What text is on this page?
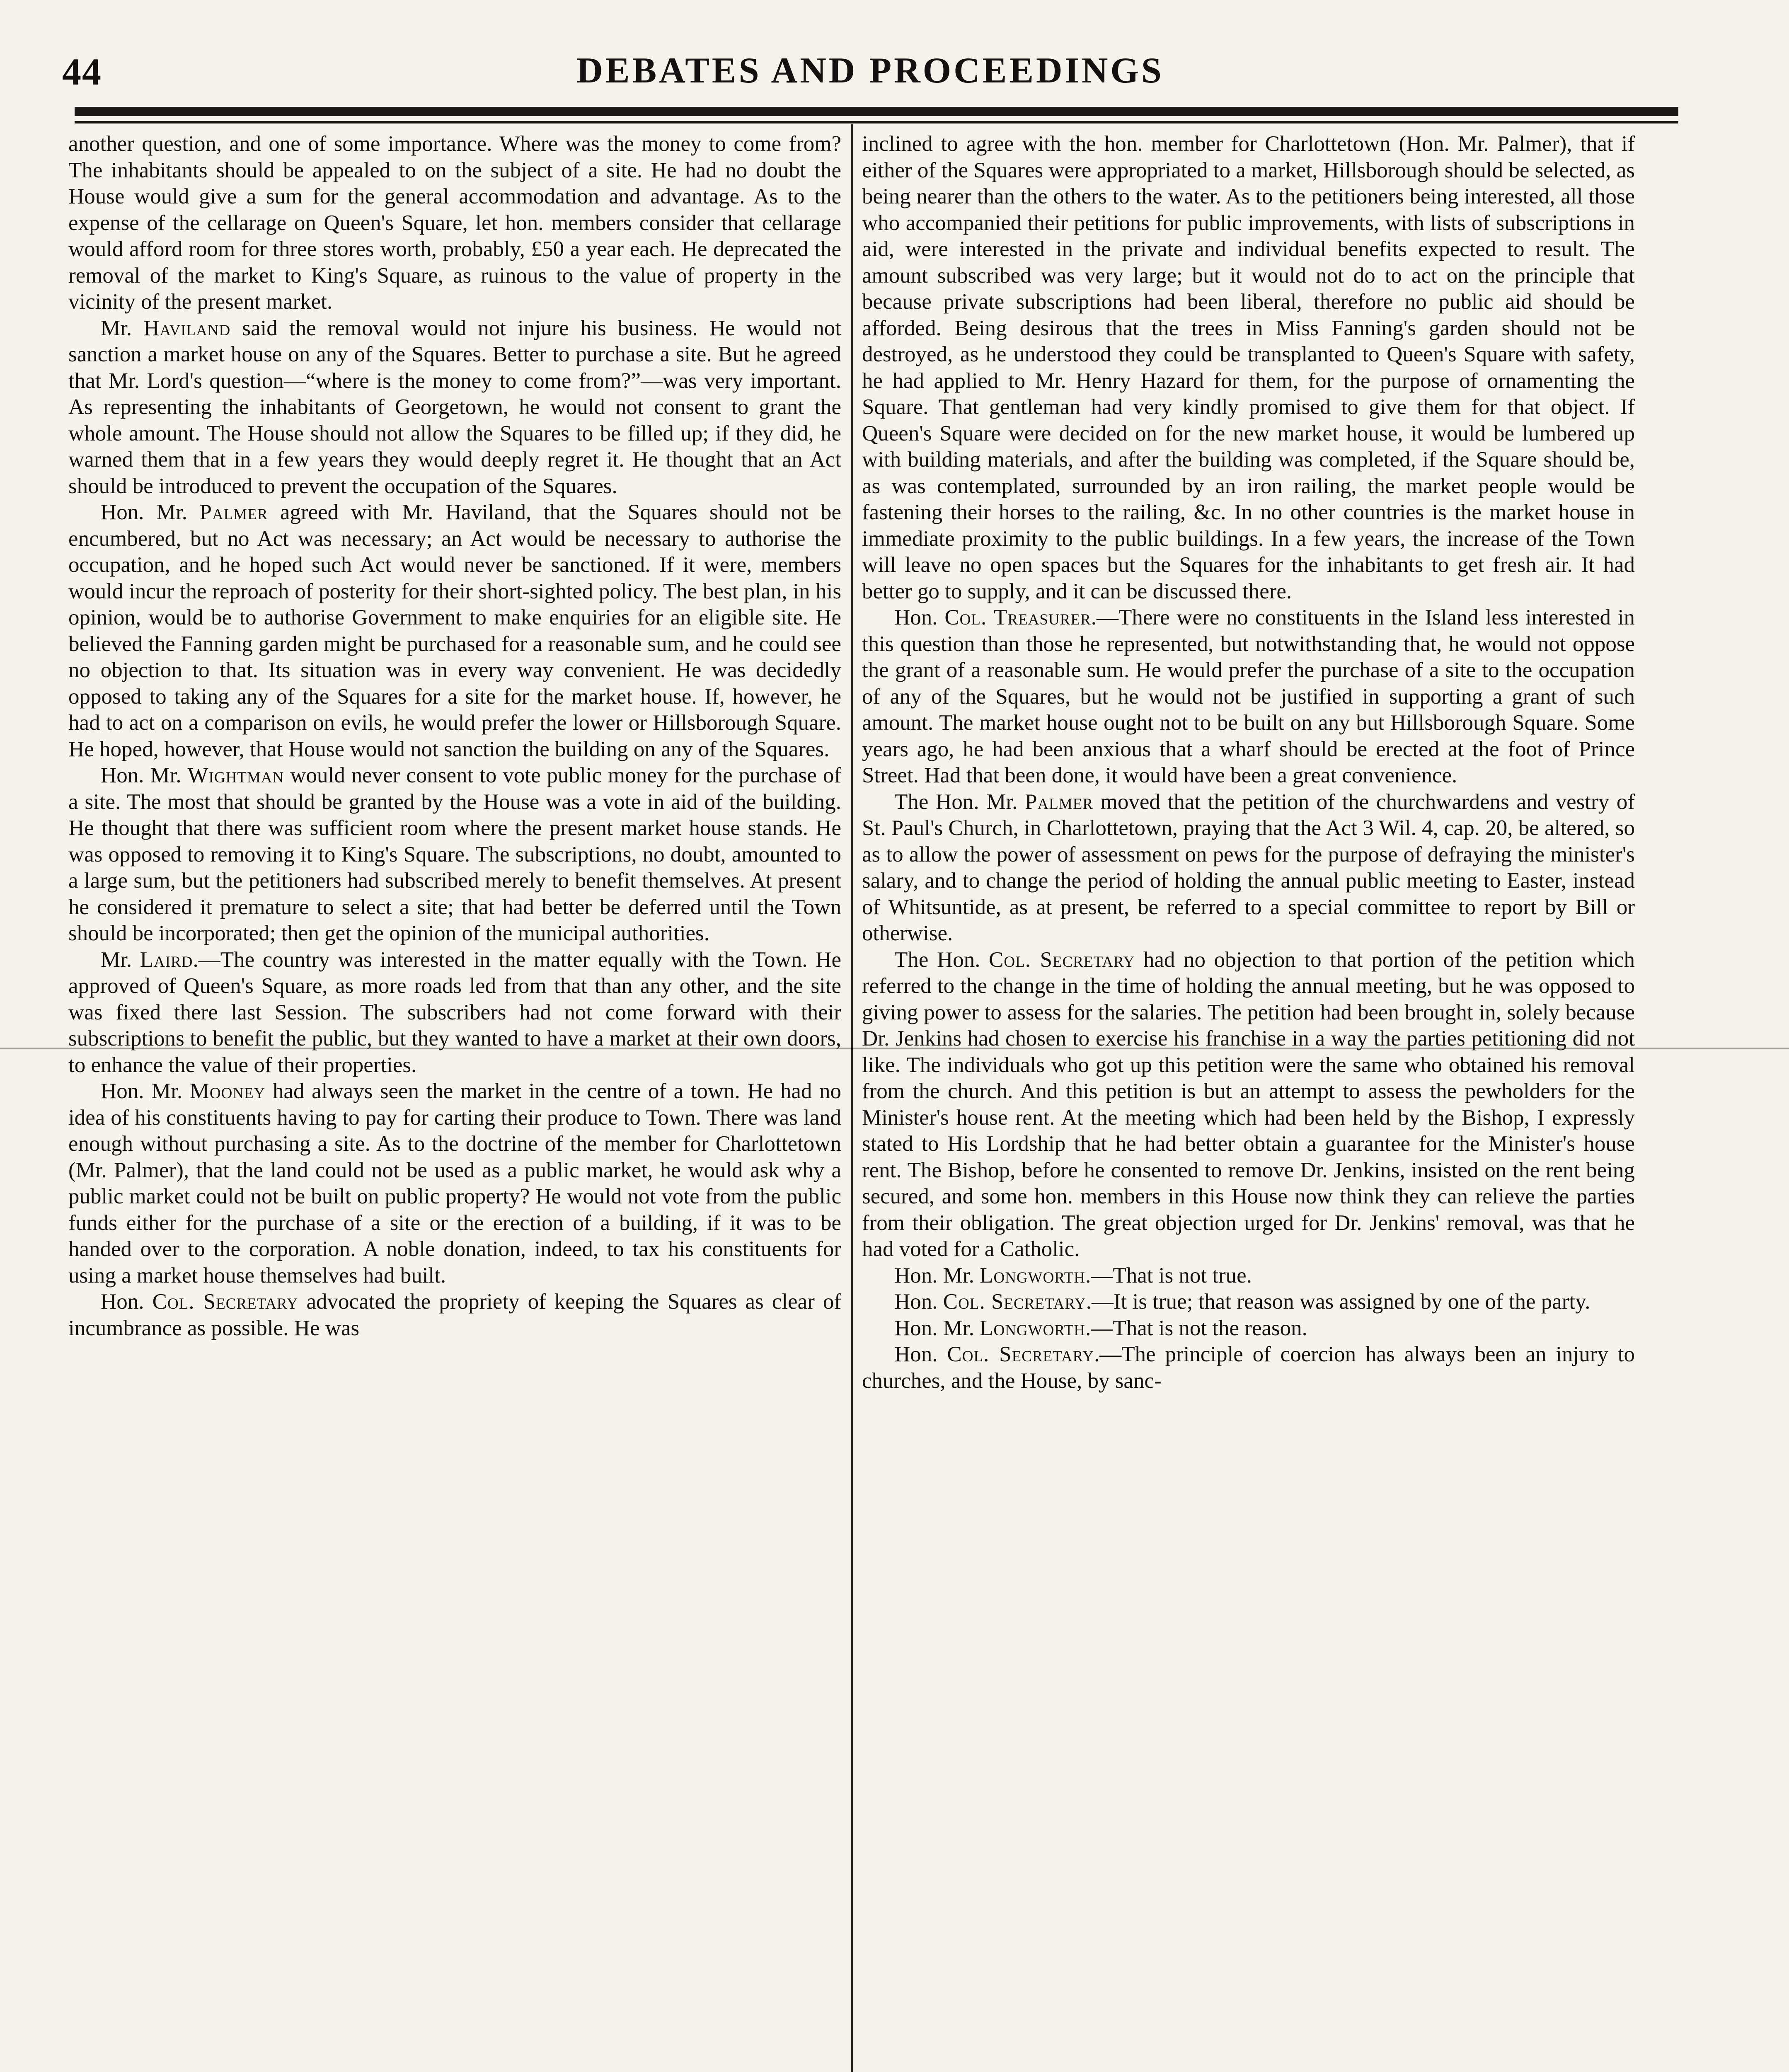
44	DEBATES AND PROCEEDINGS

another question, and one of some importance. Where was the money to come from? The inhabitants should be appealed to on the subject of a site. He had no doubt the House would give a sum for the general accommodation and advantage. As to the expense of the cellarage on Queen's Square, let hon. members consider that cellarage would afford room for three stores worth, probably, £50 a year each. He deprecated the removal of the market to King's Square, as ruinous to the value of property in the vicinity of the present market.

Mr. Haviland said the removal would not injure his business. He would not sanction a market house on any of the Squares. Better to purchase a site. But he agreed that Mr. Lord's question—“where is the money to come from?”—was very important. As representing the inhabitants of Georgetown, he would not consent to grant the whole amount. The House should not allow the Squares to be filled up; if they did, he warned them that in a few years they would deeply regret it. He thought that an Act should be introduced to prevent the occupation of the Squares.

Hon. Mr. Palmer agreed with Mr. Haviland, that the Squares should not be encumbered, but no Act was necessary; an Act would be necessary to authorise the occupation, and he hoped such Act would never be sanctioned. If it were, members would incur the reproach of posterity for their short-sighted policy. The best plan, in his opinion, would be to authorise Government to make enquiries for an eligible site. He believed the Fanning garden might be purchased for a reasonable sum, and he could see no objection to that. Its situation was in every way convenient. He was decidedly opposed to taking any of the Squares for a site for the market house. If, however, he had to act on a comparison on evils, he would prefer the lower or Hillsborough Square. He hoped, however, that House would not sanction the building on any of the Squares.

Hon. Mr. Wightman would never consent to vote public money for the purchase of a site. The most that should be granted by the House was a vote in aid of the building. He thought that there was sufficient room where the present market house stands. He was opposed to removing it to King's Square. The subscriptions, no doubt, amounted to a large sum, but the petitioners had subscribed merely to benefit themselves. At present he considered it premature to select a site; that had better be deferred until the Town should be incorporated; then get the opinion of the municipal authorities.

Mr. Laird.—The country was interested in the matter equally with the Town. He approved of Queen's Square, as more roads led from that than any other, and the site was fixed there last Session. The subscribers had not come forward with their subscriptions to benefit the public, but they wanted to have a market at their own doors, to enhance the value of their properties.

Hon. Mr. Mooney had always seen the market in the centre of a town. He had no idea of his constituents having to pay for carting their produce to Town. There was land enough without purchasing a site. As to the doctrine of the member for Charlottetown (Mr. Palmer), that the land could not be used as a public market, he would ask why a public market could not be built on public property? He would not vote from the public funds either for the purchase of a site or the erection of a building, if it was to be handed over to the corporation. A noble donation, indeed, to tax his constituents for using a market house themselves had built.

Hon. Col. Secretary advocated the propriety of keeping the Squares as clear of incumbrance as possible. He was

inclined to agree with the hon. member for Charlottetown (Hon. Mr. Palmer), that if either of the Squares were appropriated to a market, Hillsborough should be selected, as being nearer than the others to the water. As to the petitioners being interested, all those who accompanied their petitions for public improvements, with lists of subscriptions in aid, were interested in the private and individual benefits expected to result. The amount subscribed was very large; but it would not do to act on the principle that because private subscriptions had been liberal, therefore no public aid should be afforded. Being desirous that the trees in Miss Fanning's garden should not be destroyed, as he understood they could be transplanted to Queen's Square with safety, he had applied to Mr. Henry Hazard for them, for the purpose of ornamenting the Square. That gentleman had very kindly promised to give them for that object. If Queen's Square were decided on for the new market house, it would be lumbered up with building materials, and after the building was completed, if the Square should be, as was contemplated, surrounded by an iron railing, the market people would be fastening their horses to the railing, &c. In no other countries is the market house in immediate proximity to the public buildings. In a few years, the increase of the Town will leave no open spaces but the Squares for the inhabitants to get fresh air. It had better go to supply, and it can be discussed there.

Hon. Col. Treasurer.—There were no constituents in the Island less interested in this question than those he represented, but notwithstanding that, he would not oppose the grant of a reasonable sum. He would prefer the purchase of a site to the occupation of any of the Squares, but he would not be justified in supporting a grant of such amount. The market house ought not to be built on any but Hillsborough Square. Some years ago, he had been anxious that a wharf should be erected at the foot of Prince Street. Had that been done, it would have been a great convenience.

The Hon. Mr. Palmer moved that the petition of the churchwardens and vestry of St. Paul's Church, in Charlottetown, praying that the Act 3 Wil. 4, cap. 20, be altered, so as to allow the power of assessment on pews for the purpose of defraying the minister's salary, and to change the period of holding the annual public meeting to Easter, instead of Whitsuntide, as at present, be referred to a special committee to report by Bill or otherwise.

The Hon. Col. Secretary had no objection to that portion of the petition which referred to the change in the time of holding the annual meeting, but he was opposed to giving power to assess for the salaries. The petition had been brought in, solely because Dr. Jenkins had chosen to exercise his franchise in a way the parties petitioning did not like. The individuals who got up this petition were the same who obtained his removal from the church. And this petition is but an attempt to assess the pewholders for the Minister's house rent. At the meeting which had been held by the Bishop, I expressly stated to His Lordship that he had better obtain a guarantee for the Minister's house rent. The Bishop, before he consented to remove Dr. Jenkins, insisted on the rent being secured, and some hon. members in this House now think they can relieve the parties from their obligation. The great objection urged for Dr. Jenkins' removal, was that he had voted for a Catholic.

Hon. Mr. Longworth.—That is not true.

Hon. Col. Secretary.—It is true; that reason was assigned by one of the party.

Hon. Mr. Longworth.—That is not the reason.

Hon. Col. Secretary.—The principle of coercion has always been an injury to churches, and the House, by sanc-
